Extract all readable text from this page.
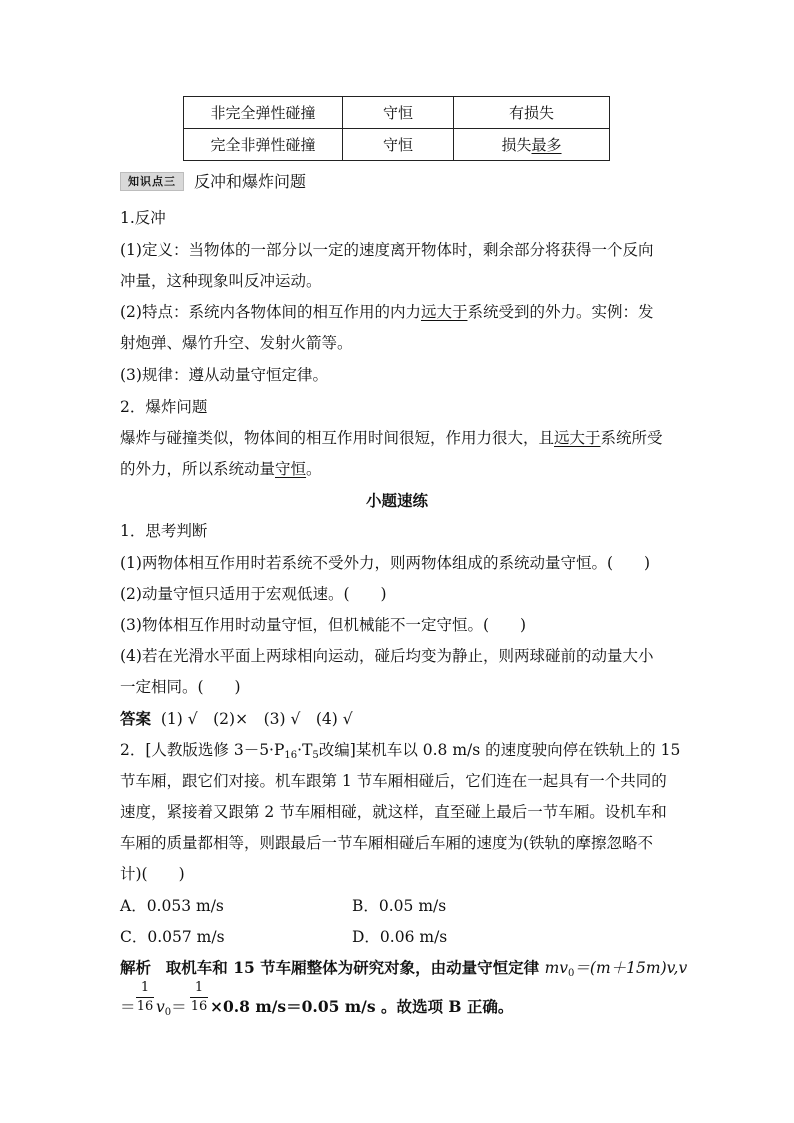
非完全弹性碰撞	守恒	有损失
完全非弹性碰撞	守恒	损失最多
知识点三	反冲和爆炸问题
1.反冲
(1)定义：当物体的一部分以一定的速度离开物体时，剩余部分将获得一个反向
冲量，这种现象叫反冲运动。
(2)特点：系统内各物体间的相互作用的内力远大于系统受到的外力。实例：发
射炮弹、爆竹升空、发射火箭等。
(3)规律：遵从动量守恒定律。
2．爆炸问题
爆炸与碰撞类似，物体间的相互作用时间很短，作用力很大，且远大于系统所受
的外力，所以系统动量守恒。
小题速练
1．思考判断
(1)两物体相互作用时若系统不受外力，则两物体组成的系统动量守恒。(　　)
(2)动量守恒只适用于宏观低速。(　　)
(3)物体相互作用时动量守恒，但机械能不一定守恒。(　　)
(4)若在光滑水平面上两球相向运动，碰后均变为静止，则两球碰前的动量大小
一定相同。(　　)
答案 (1) √　(2)×　(3) √　(4) √
2．[人教版选修 $3-5\cdot P_{16}\cdot T_5$改编]某机车以 0.8 m/s 的速度驶向停在铁轨上的 15
节车厢，跟它们对接。机车跟第 1 节车厢相碰后，它们连在一起具有一个共同的
速度，紧接着又跟第 2 节车厢相碰，就这样，直至碰上最后一节车厢。设机车和
车厢的质量都相等，则跟最后一节车厢相碰后车厢的速度为(铁轨的摩擦忽略不
计)(　　)
A．0.053 m/s	B．0.05 m/s
C．0.057 m/s	D．0.06 m/s
解析 取机车和 15 节车厢整体为研究对象，由动量守恒定律 $mv_0=(m+15m)v,v$
＝
1
16 $v_0=$
1
16 ×0.8 m/s＝0.05 m/s 。故选项 B 正确。
